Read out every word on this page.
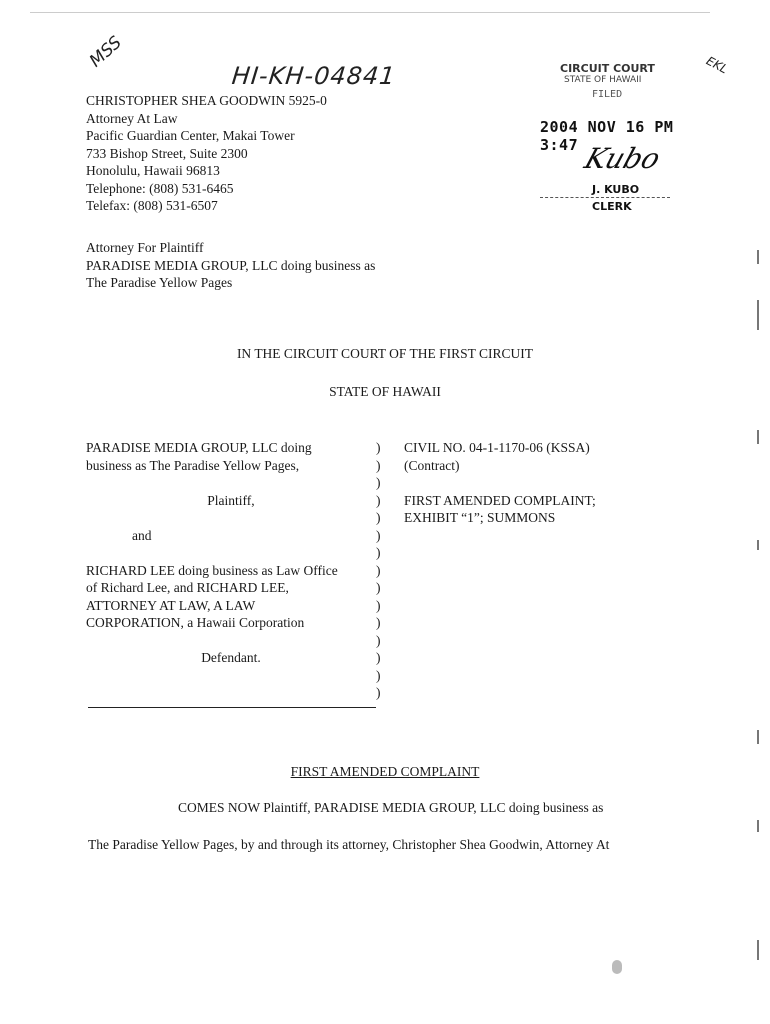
MSS
HI-KH-04841	EKL
CHRISTOPHER SHEA GOODWIN 5925-0
Attorney At Law
Pacific Guardian Center, Makai Tower
733 Bishop Street, Suite 2300
Honolulu, Hawaii 96813
Telephone: (808) 531-6465
Telefax: (808) 531-6507
Attorney For Plaintiff
PARADISE MEDIA GROUP, LLC doing business as
The Paradise Yellow Pages
CIRCUIT COURT
STATE OF HAWAII
FILED
2004 NOV 16 PM 3:47 Kubo
J. KUBO
CLERK
IN THE CIRCUIT COURT OF THE FIRST CIRCUIT
STATE OF HAWAII
PARADISE MEDIA GROUP, LLC doing
business as The Paradise Yellow Pages,
Plaintiff,
and
RICHARD LEE doing business as Law Office
of Richard Lee, and RICHARD LEE,
ATTORNEY AT LAW, A LAW
CORPORATION, a Hawaii Corporation
Defendant.
)
)
)
)
)
)
)
)
)
)
)
)
)
)
)
CIVIL NO. 04-1-1170-06 (KSSA)
(Contract)
FIRST AMENDED COMPLAINT;
EXHIBIT “1”; SUMMONS
FIRST AMENDED COMPLAINT
COMES NOW Plaintiff, PARADISE MEDIA GROUP, LLC doing business as
The Paradise Yellow Pages, by and through its attorney, Christopher Shea Goodwin, Attorney At
